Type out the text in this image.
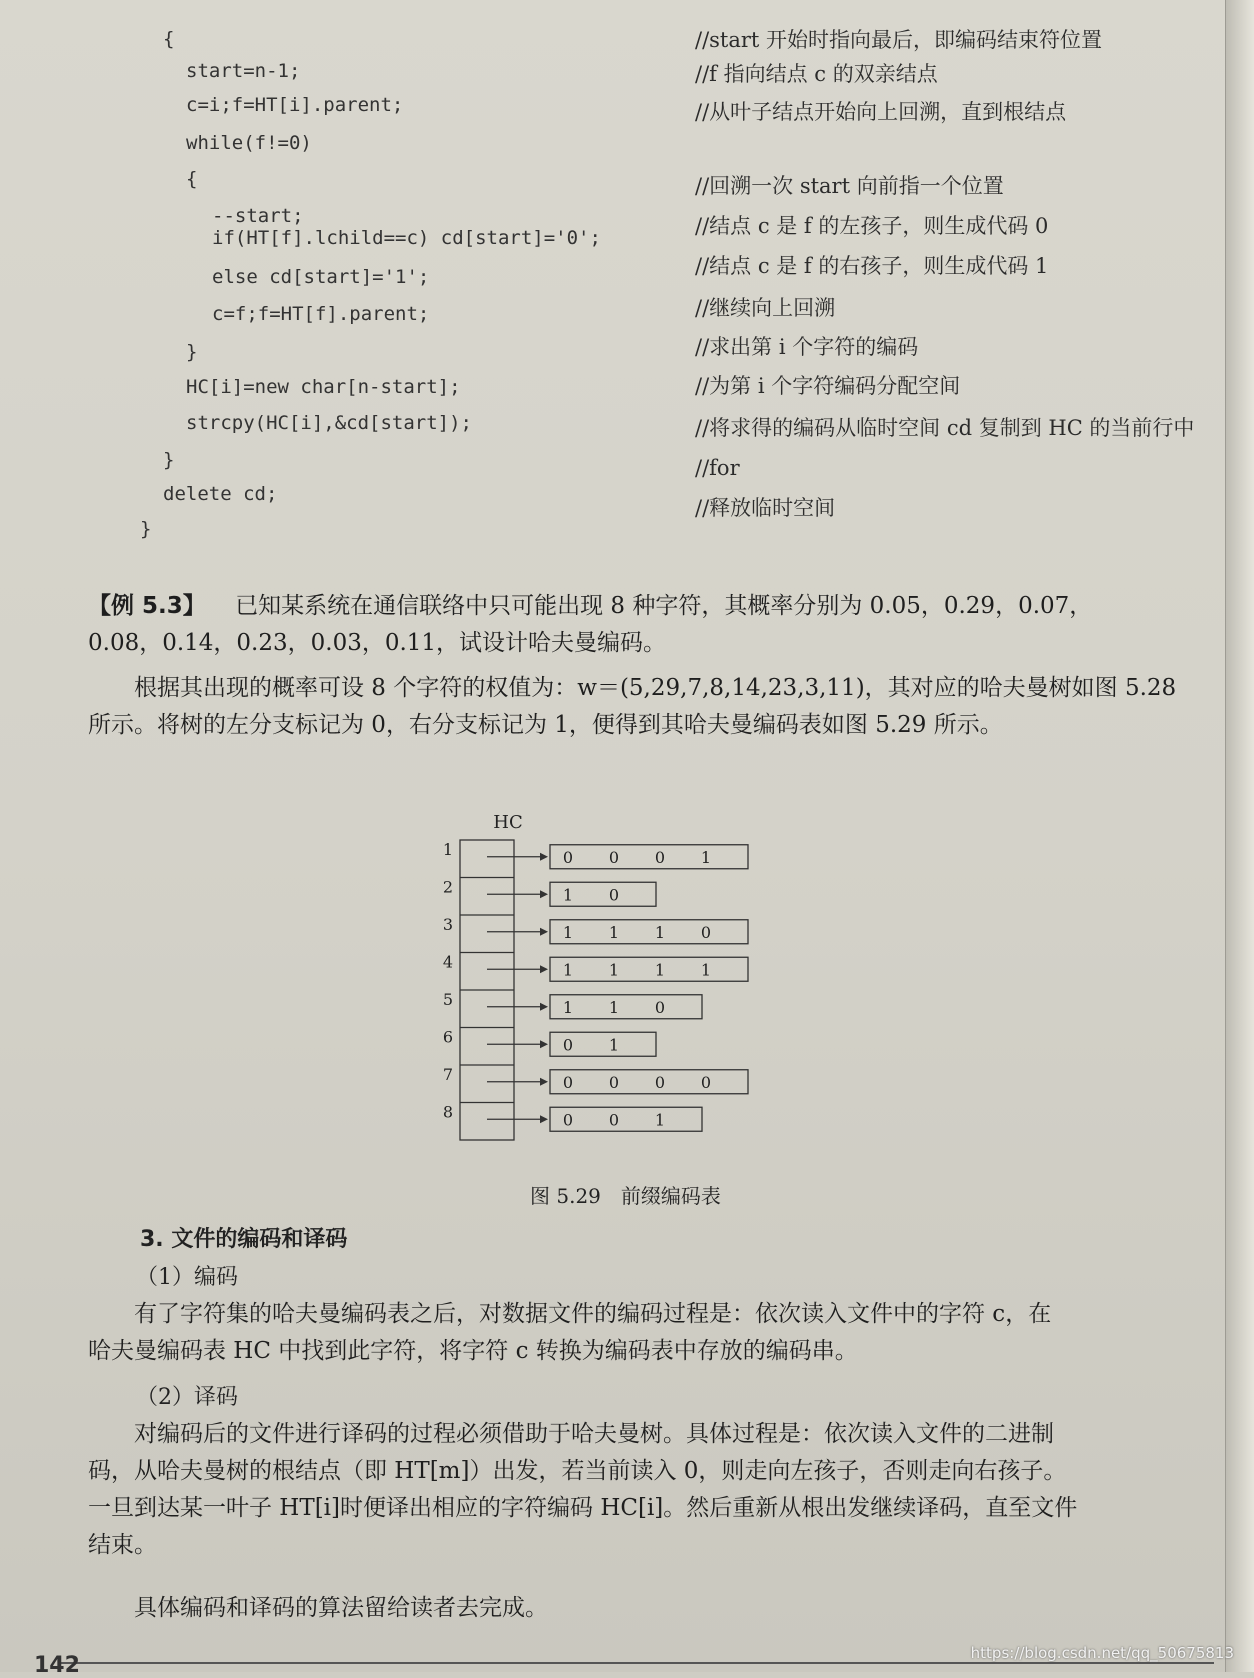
{
start=n-1;
c=i;f=HT[i].parent;
while(f!=0)
{
--start;
if(HT[f].lchild==c) cd[start]='0';
else cd[start]='1';
c=f;f=HT[f].parent;
}
HC[i]=new char[n-start];
strcpy(HC[i],&cd[start]);
}
delete cd;
}
//start 开始时指向最后，即编码结束符位置
//f 指向结点 c 的双亲结点
//从叶子结点开始向上回溯，直到根结点
//回溯一次 start 向前指一个位置
//结点 c 是 f 的左孩子，则生成代码 0
//结点 c 是 f 的右孩子，则生成代码 1
//继续向上回溯
//求出第 i 个字符的编码
//为第 i 个字符编码分配空间
//将求得的编码从临时空间 cd 复制到 HC 的当前行中
//for
//释放临时空间

【例 5.3】 已知某系统在通信联络中只可能出现 8 种字符，其概率分别为 0.05，0.29，0.07，
0.08，0.14，0.23，0.03，0.11，试设计哈夫曼编码。

根据其出现的概率可设 8 个字符的权值为：w＝(5,29,7,8,14,23,3,11)，其对应的哈夫曼树如图 5.28
所示。将树的左分支标记为 0，右分支标记为 1，便得到其哈夫曼编码表如图 5.29 所示。

HC
1	0 0 0 1
2	1 0
3	1 1 1 0
4	1 1 1 1
5	1 1 0
6	0 1
7	0 0 0 0
8	0 0 1
图 5.29　前缀编码表
3. 文件的编码和译码
（1）编码

有了字符集的哈夫曼编码表之后，对数据文件的编码过程是：依次读入文件中的字符 c，在
哈夫曼编码表 HC 中找到此字符，将字符 c 转换为编码表中存放的编码串。

（2）译码

对编码后的文件进行译码的过程必须借助于哈夫曼树。具体过程是：依次读入文件的二进制
码，从哈夫曼树的根结点（即 HT[m]）出发，若当前读入 0，则走向左孩子，否则走向右孩子。
一旦到达某一叶子 HT[i]时便译出相应的字符编码 HC[i]。然后重新从根出发继续译码，直至文件
结束。

具体编码和译码的算法留给读者去完成。

142	https://blog.csdn.net/qq_50675813
